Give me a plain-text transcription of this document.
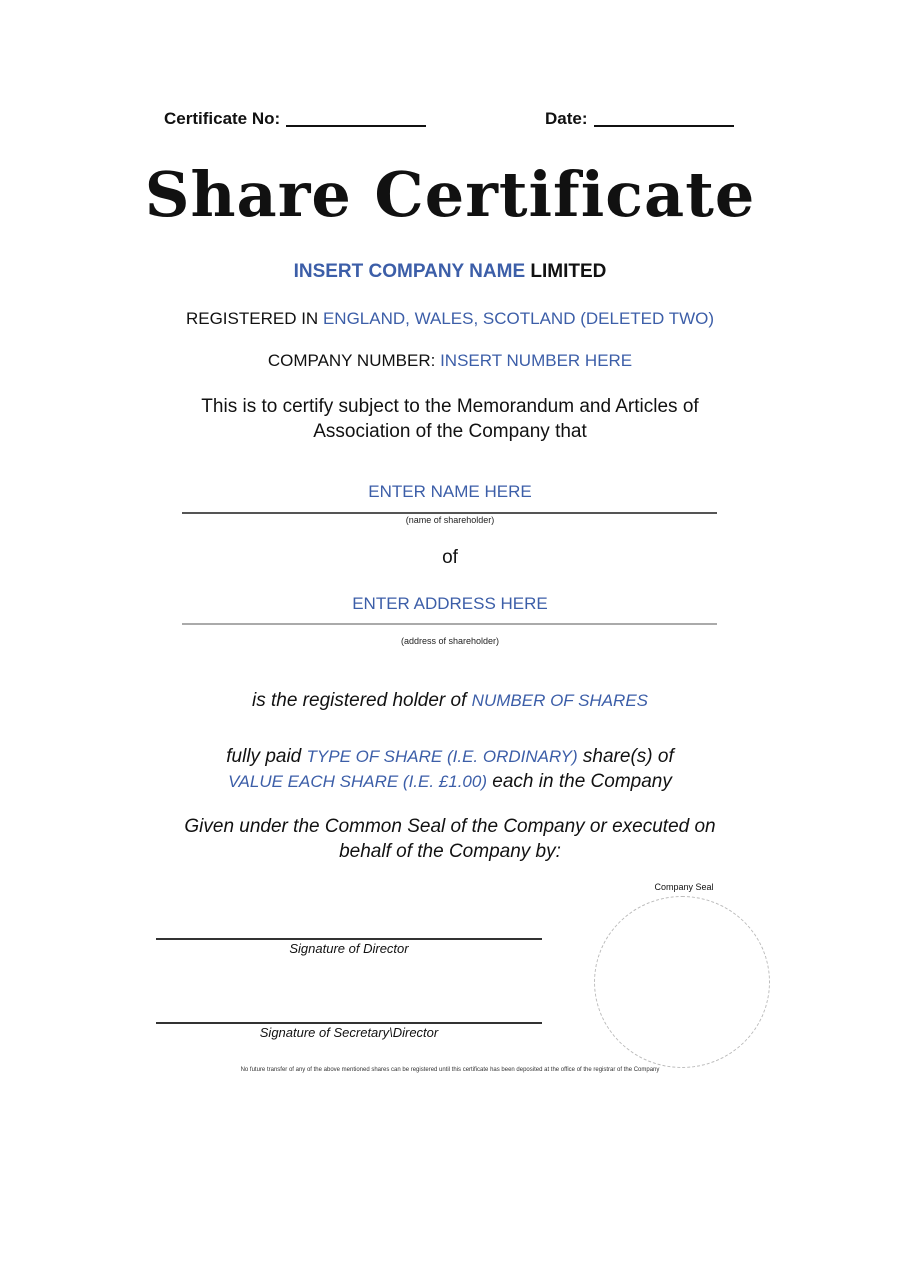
Certificate No:	Date:
Share Certificate
INSERT COMPANY NAME LIMITED
REGISTERED IN ENGLAND, WALES, SCOTLAND (DELETED TWO)
COMPANY NUMBER: INSERT NUMBER HERE
This is to certify subject to the Memorandum and Articles of
Association of the Company that
ENTER NAME HERE
(name of shareholder)
of
ENTER ADDRESS HERE
(address of shareholder)
is the registered holder of NUMBER OF SHARES
fully paid TYPE OF SHARE (I.E. ORDINARY) share(s) of
VALUE EACH SHARE (I.E. £1.00) each in the Company
Given under the Common Seal of the Company or executed on
behalf of the Company by:
Signature of Director
Signature of Secretary\Director
Company Seal
No future transfer of any of the above mentioned shares can be registered until this certificate has been deposited at the office of the registrar of the Company
